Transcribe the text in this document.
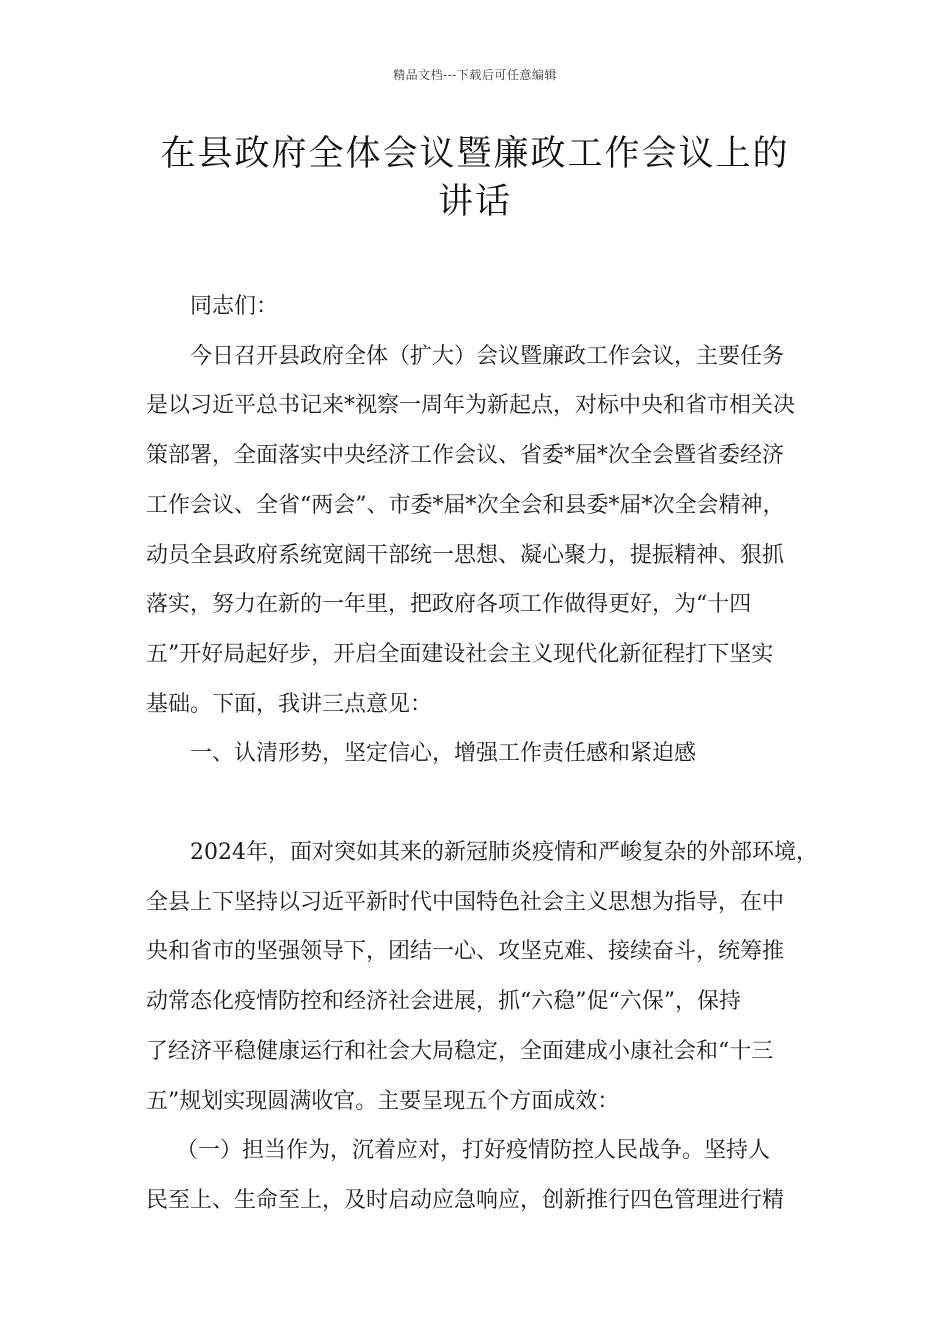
精品文档---下载后可任意编辑
在县政府全体会议暨廉政工作会议上的
讲话

同志们：

今日召开县政府全体（扩大）会议暨廉政工作会议，主要任务
是以习近平总书记来*视察一周年为新起点，对标中央和省市相关决
策部署，全面落实中央经济工作会议、省委*届*次全会暨省委经济
工作会议、全省“两会”、市委*届*次全会和县委*届*次全会精神，
动员全县政府系统宽阔干部统一思想、凝心聚力，提振精神、狠抓
落实，努力在新的一年里，把政府各项工作做得更好，为“十四
五”开好局起好步，开启全面建设社会主义现代化新征程打下坚实
基础。下面，我讲三点意见：

一、认清形势，坚定信心，增强工作责任感和紧迫感

2024年，面对突如其来的新冠肺炎疫情和严峻复杂的外部环境，
全县上下坚持以习近平新时代中国特色社会主义思想为指导，在中
央和省市的坚强领导下，团结一心、攻坚克难、接续奋斗，统筹推
动常态化疫情防控和经济社会进展，抓“六稳”促“六保”，保持
了经济平稳健康运行和社会大局稳定，全面建成小康社会和“十三
五”规划实现圆满收官。主要呈现五个方面成效：

（一）担当作为，沉着应对，打好疫情防控人民战争。坚持人
民至上、生命至上，及时启动应急响应，创新推行四色管理进行精
